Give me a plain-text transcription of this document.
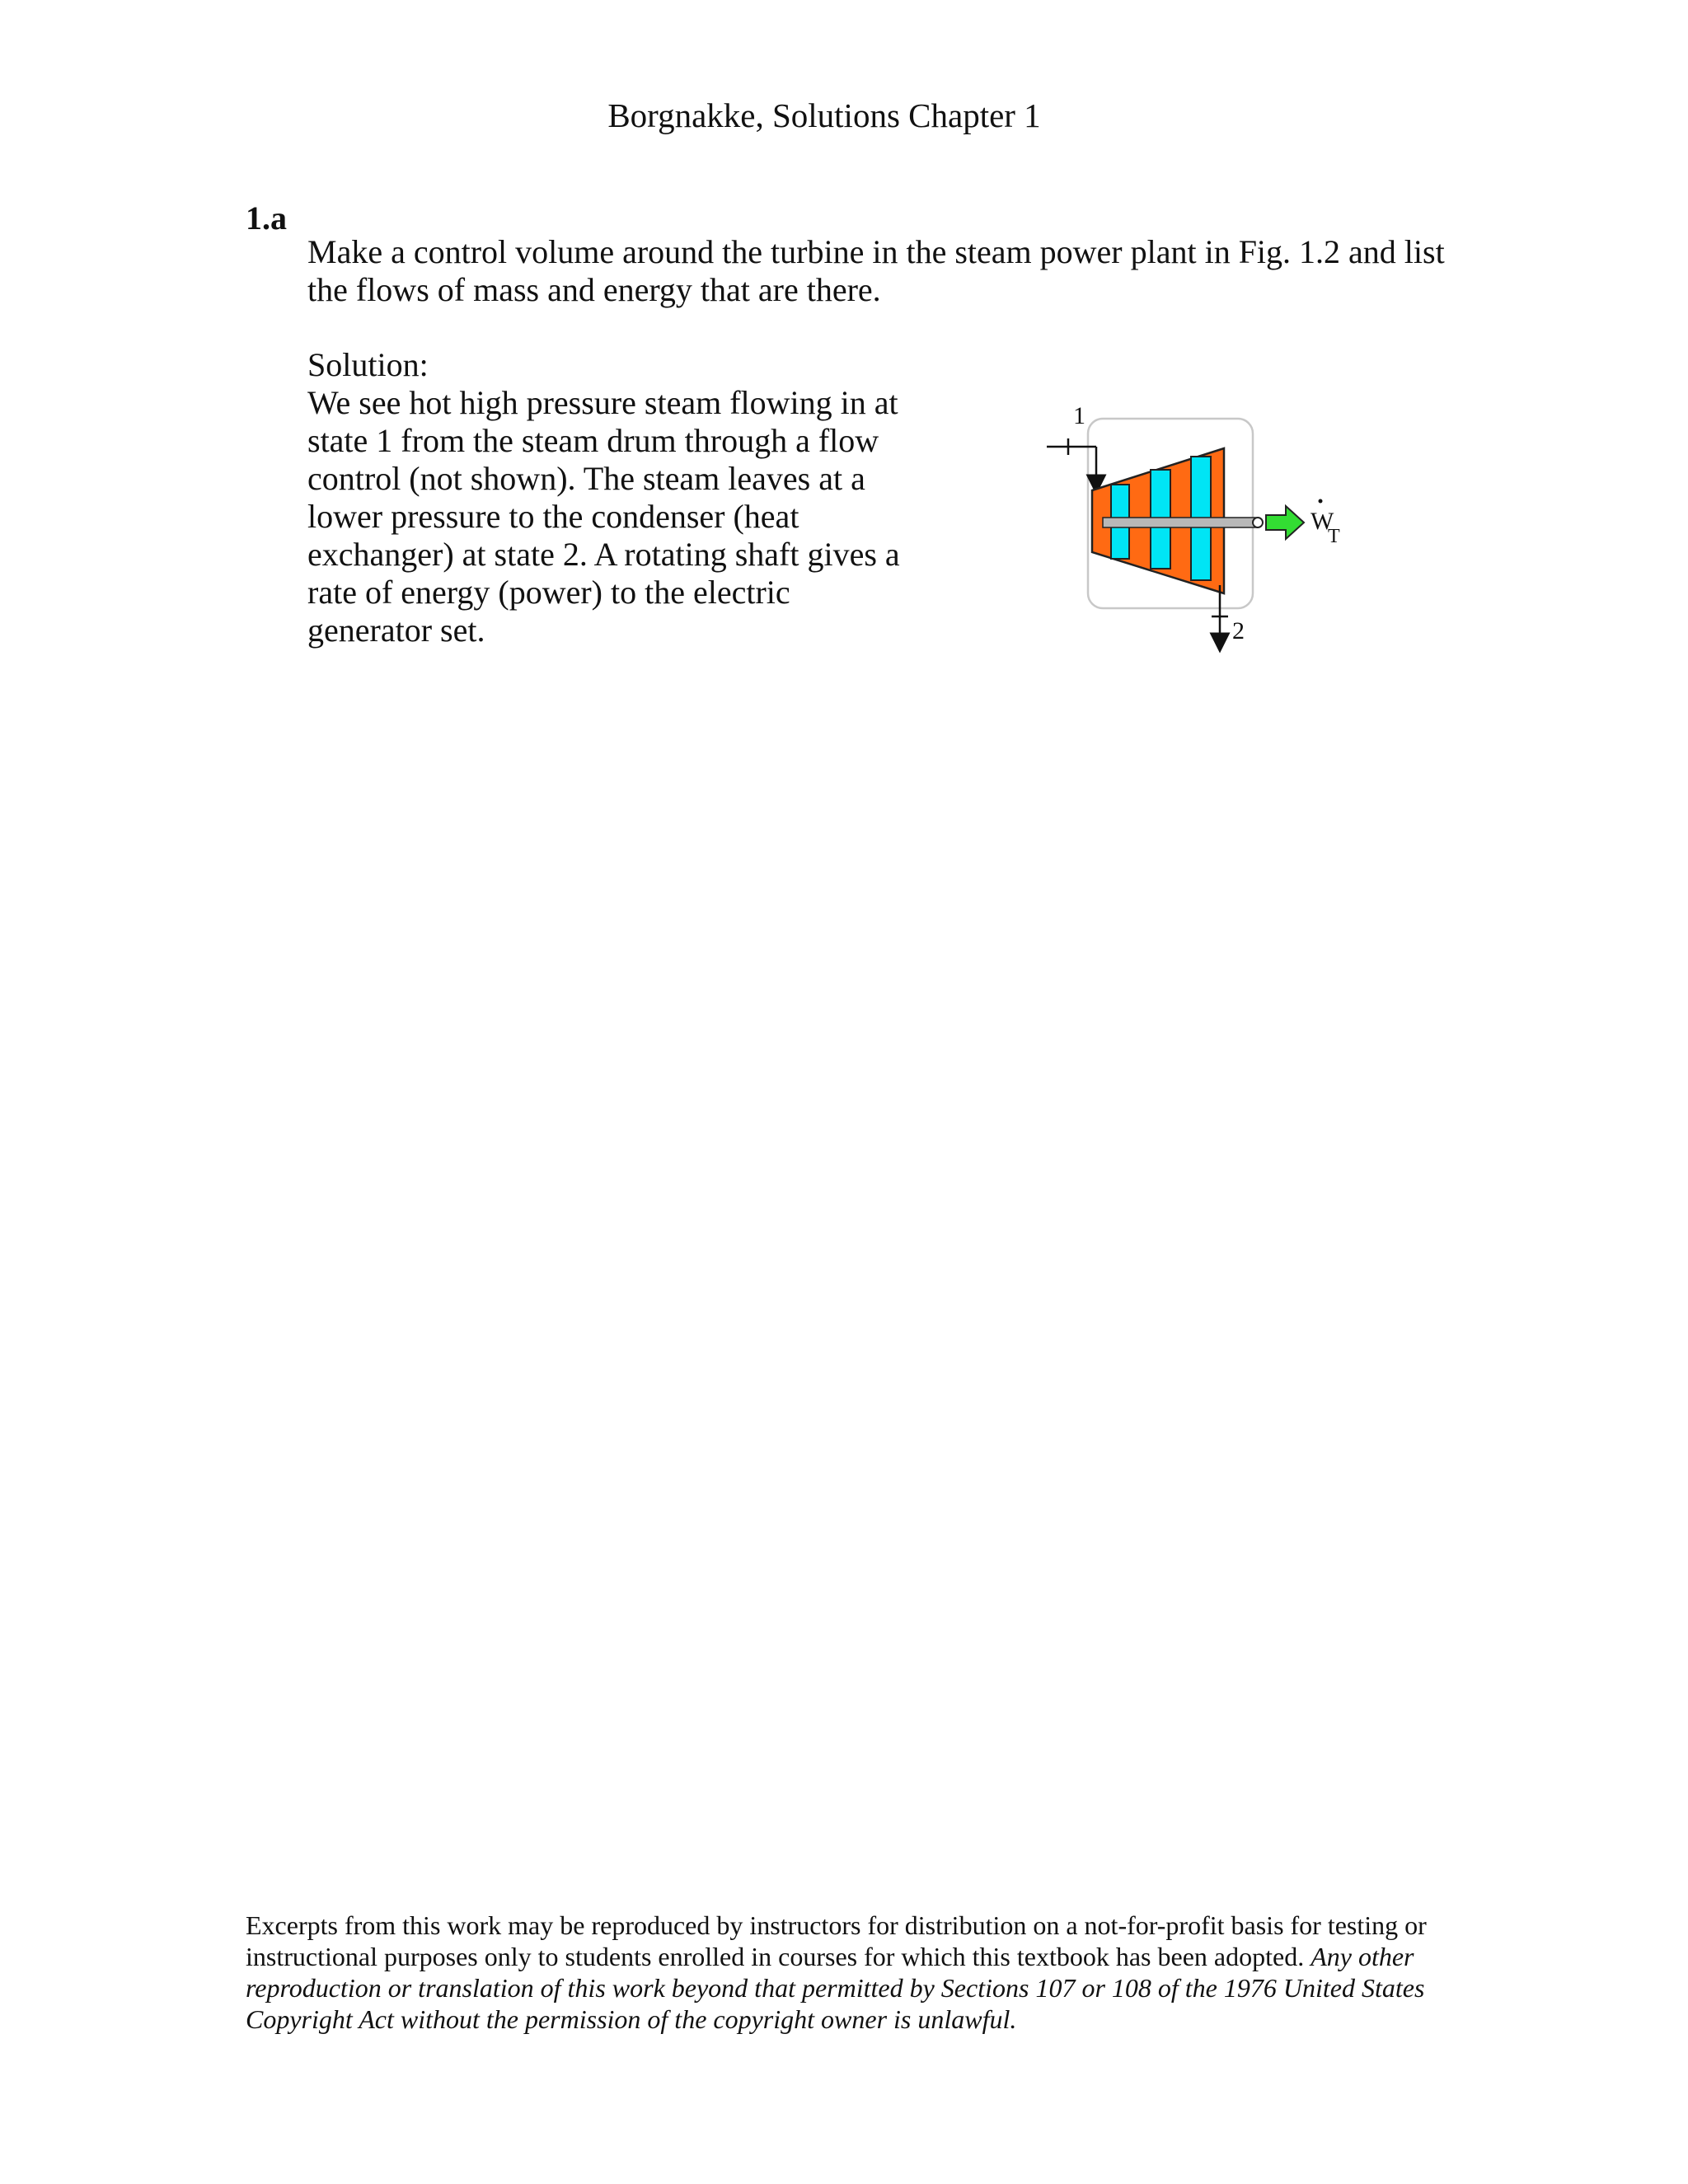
Borgnakke, Solutions Chapter 1
1.a
Make a control volume around the turbine in the steam power plant in Fig. 1.2 and list the flows of mass and energy that are there.
Solution:
We see hot high pressure steam flowing in at state 1 from the steam drum through a flow control (not shown). The steam leaves at a lower pressure to the condenser (heat exchanger) at state 2. A rotating shaft gives a rate of energy (power) to the electric generator set.
1
W
T
2
Excerpts from this work may be reproduced by instructors for distribution on a not-for-profit basis for testing or instructional purposes only to students enrolled in courses for which this textbook has been adopted. Any other reproduction or translation of this work beyond that permitted by Sections 107 or 108 of the 1976 United States Copyright Act without the permission of the copyright owner is unlawful.
